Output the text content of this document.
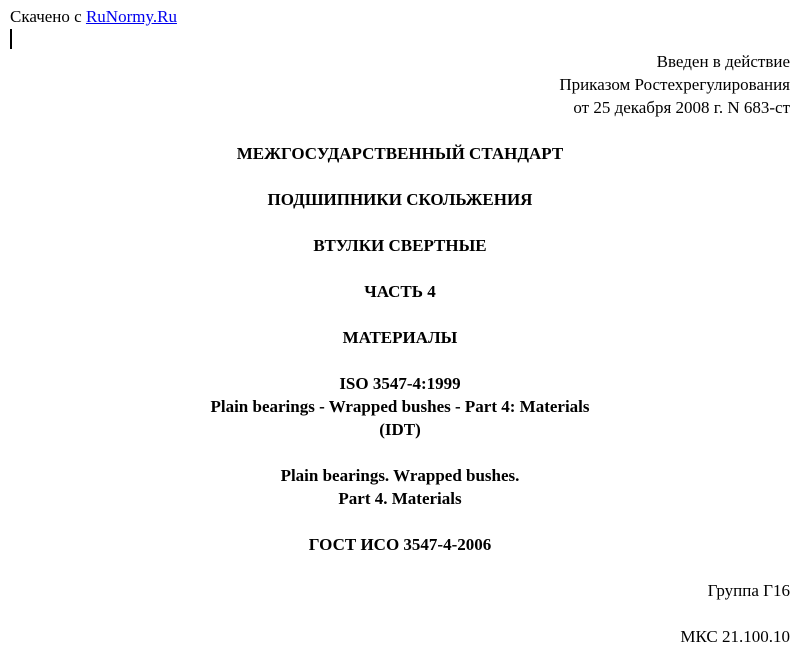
Скачено с RuNormy.Ru
Введен в действие
Приказом Ростехрегулирования
от 25 декабря 2008 г. N 683-ст
МЕЖГОСУДАРСТВЕННЫЙ СТАНДАРТ
ПОДШИПНИКИ СКОЛЬЖЕНИЯ
ВТУЛКИ СВЕРТНЫЕ
ЧАСТЬ 4
МАТЕРИАЛЫ
ISO 3547-4:1999
Plain bearings - Wrapped bushes - Part 4: Materials
(IDT)
Plain bearings. Wrapped bushes.
Part 4. Materials
ГОСТ ИСО 3547-4-2006
Группа Г16
МКС 21.100.10
